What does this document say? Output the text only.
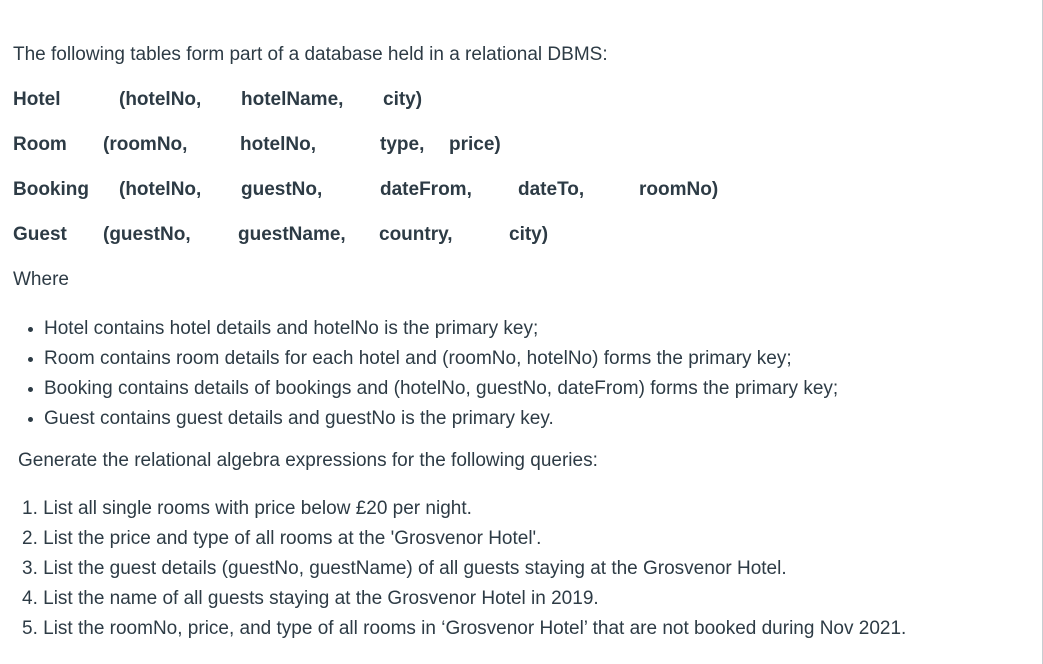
The following tables form part of a database held in a relational DBMS:
Hotel	(hotelNo, hotelName, city)
Room (roomNo,	hotelNo,	type, price)
Booking (hotelNo, guestNo,	dateFrom, dateTo,	roomNo)
Guest (guestNo, guestName, country,	city)
Where
Hotel contains hotel details and hotelNo is the primary key;
Room contains room details for each hotel and (roomNo, hotelNo) forms the primary key;
Booking contains details of bookings and (hotelNo, guestNo, dateFrom) forms the primary key;
Guest contains guest details and guestNo is the primary key.
Generate the relational algebra expressions for the following queries:
1. List all single rooms with price below £20 per night.
2. List the price and type of all rooms at the 'Grosvenor Hotel'.
3. List the guest details (guestNo, guestName) of all guests staying at the Grosvenor Hotel.
4. List the name of all guests staying at the Grosvenor Hotel in 2019.
5. List the roomNo, price, and type of all rooms in ‘Grosvenor Hotel’ that are not booked during Nov 2021.
